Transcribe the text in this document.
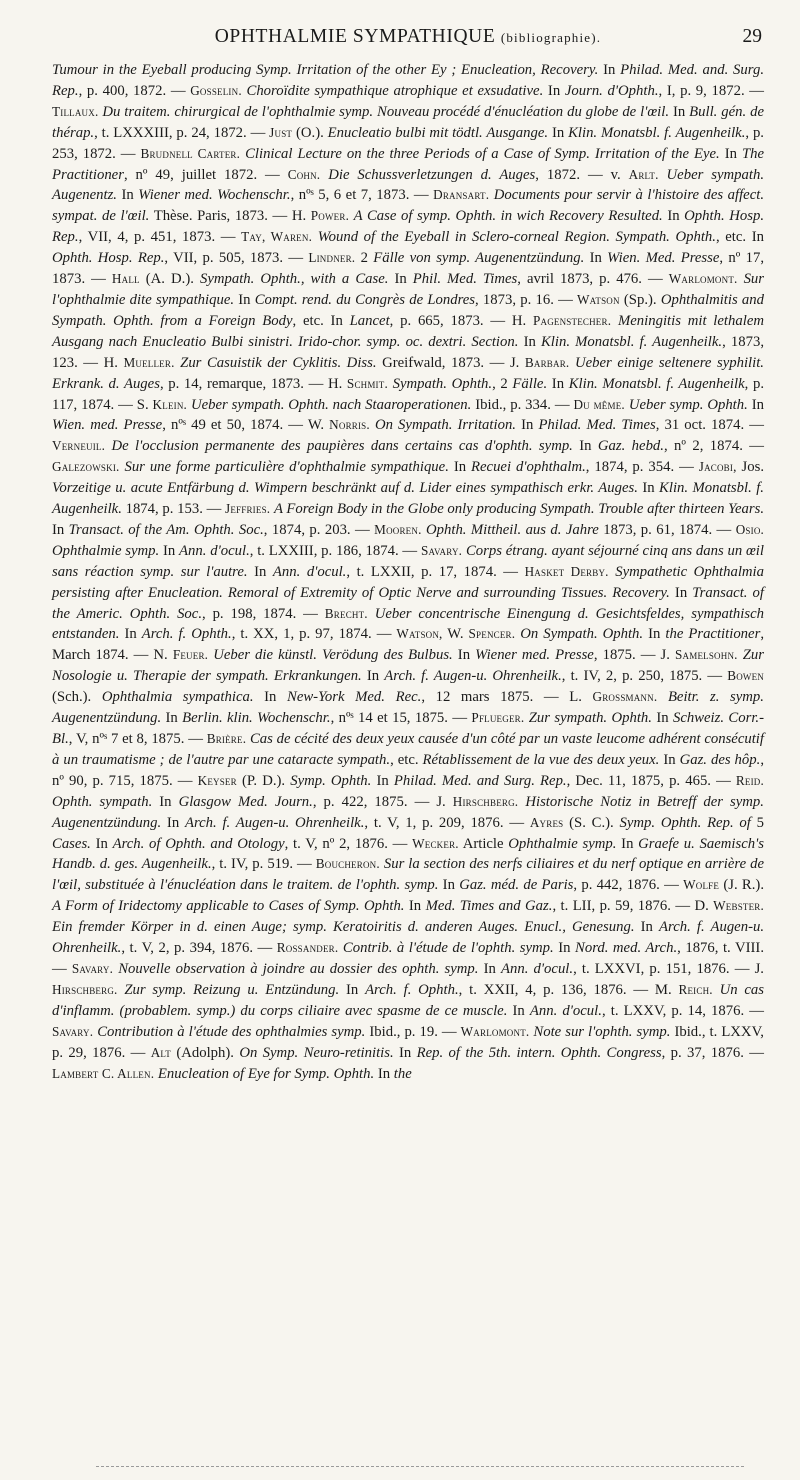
OPHTHALMIE SYMPATHIQUE (bibliographie).	29

Tumour in the Eyeball producing Symp. Irritation of the other Ey ; Enucleation, Recovery. In Philad. Med. and. Surg. Rep., p. 400, 1872. — Gosselin. Choroïdite sympathique atrophique et exsudative. In Journ. d'Ophth., I, p. 9, 1872. — Tillaux. Du traitem. chirurgical de l'ophthalmie symp. Nouveau procédé d'énucléation du globe de l'œil. In Bull. gén. de thérap., t. LXXXIII, p. 24, 1872. — Just (O.). Enucleatio bulbi mit tödtl. Ausgange. In Klin. Monatsbl. f. Augenheilk., p. 253, 1872. — Brudnell Carter. Clinical Lecture on the three Periods of a Case of Symp. Irritation of the Eye. In The Practitioner, nº 49, juillet 1872. — Cohn. Die Schussverletzungen d. Auges, 1872. — v. Arlt. Ueber sympath. Augenentz. In Wiener med. Wochenschr., nºˢ 5, 6 et 7, 1873. — Dransart. Documents pour servir à l'histoire des affect. sympat. de l'œil. Thèse. Paris, 1873. — H. Power. A Case of symp. Ophth. in wich Recovery Resulted. In Ophth. Hosp. Rep., VII, 4, p. 451, 1873. — Tay, Waren. Wound of the Eyeball in Sclero-corneal Region. Sympath. Ophth., etc. In Ophth. Hosp. Rep., VII, p. 505, 1873. — Lindner. 2 Fälle von symp. Augenentzündung. In Wien. Med. Presse, nº 17, 1873. — Hall (A. D.). Sympath. Ophth., with a Case. In Phil. Med. Times, avril 1873, p. 476. — Warlomont. Sur l'ophthalmie dite sympathique. In Compt. rend. du Congrès de Londres, 1873, p. 16. — Watson (Sp.). Ophthalmitis and Sympath. Ophth. from a Foreign Body, etc. In Lancet, p. 665, 1873. — H. Pagenstecher. Meningitis mit lethalem Ausgang nach Enucleatio Bulbi sinistri. Irido-chor. symp. oc. dextri. Section. In Klin. Monatsbl. f. Augenheilk., 1873, 123. — H. Mueller. Zur Casuistik der Cyklitis. Diss. Greifwald, 1873. — J. Barbar. Ueber einige seltenere syphilit. Erkrank. d. Auges, p. 14, remarque, 1873. — H. Schmit. Sympath. Ophth., 2 Fälle. In Klin. Monatsbl. f. Augenheilk, p. 117, 1874. — S. Klein. Ueber sympath. Ophth. nach Staaroperationen. Ibid., p. 334. — Du même. Ueber symp. Ophth. In Wien. med. Presse, nºˢ 49 et 50, 1874. — W. Norris. On Sympath. Irritation. In Philad. Med. Times, 31 oct. 1874. — Verneuil. De l'occlusion permanente des paupières dans certains cas d'ophth. symp. In Gaz. hebd., nº 2, 1874. — Galezowski. Sur une forme particulière d'ophthalmie sympathique. In Recuei d'ophthalm., 1874, p. 354. — Jacobi, Jos. Vorzeitige u. acute Entfärbung d. Wimpern beschränkt auf d. Lider eines sympathisch erkr. Auges. In Klin. Monatsbl. f. Augenheilk. 1874, p. 153. — Jeffries. A Foreign Body in the Globe only producing Sympath. Trouble after thirteen Years. In Transact. of the Am. Ophth. Soc., 1874, p. 203. — Mooren. Ophth. Mittheil. aus d. Jahre 1873, p. 61, 1874. — Osio. Ophthalmie symp. In Ann. d'ocul., t. LXXIII, p. 186, 1874. — Savary. Corps étrang. ayant séjourné cinq ans dans un œil sans réaction symp. sur l'autre. In Ann. d'ocul., t. LXXII, p. 17, 1874. — Hasket Derby. Sympathetic Ophthalmia persisting after Enucleation. Remoral of Extremity of Optic Nerve and surrounding Tissues. Recovery. In Transact. of the Americ. Ophth. Soc., p. 198, 1874. — Brecht. Ueber concentrische Einengung d. Gesichtsfeldes, sympathisch entstanden. In Arch. f. Ophth., t. XX, 1, p. 97, 1874. — Watson, W. Spencer. On Sympath. Ophth. In the Practitioner, March 1874. — N. Feuer. Ueber die künstl. Verödung des Bulbus. In Wiener med. Presse, 1875. — J. Samelsohn. Zur Nosologie u. Therapie der sympath. Erkrankungen. In Arch. f. Augen-u. Ohrenheilk., t. IV, 2, p. 250, 1875. — Bowen (Sch.). Ophthalmia sympathica. In New-York Med. Rec., 12 mars 1875. — L. Grossmann. Beitr. z. symp. Augenentzündung. In Berlin. klin. Wochenschr., nºˢ 14 et 15, 1875. — Pflueger. Zur sympath. Ophth. In Schweiz. Corr.-Bl., V, nºˢ 7 et 8, 1875. — Brière. Cas de cécité des deux yeux causée d'un côté par un vaste leucome adhérent consécutif à un traumatisme ; de l'autre par une cataracte sympath., etc. Rétablissement de la vue des deux yeux. In Gaz. des hôp., nº 90, p. 715, 1875. — Keyser (P. D.). Symp. Ophth. In Philad. Med. and Surg. Rep., Dec. 11, 1875, p. 465. — Reid. Ophth. sympath. In Glasgow Med. Journ., p. 422, 1875. — J. Hirschberg. Historische Notiz in Betreff der symp. Augenentzündung. In Arch. f. Augen-u. Ohrenheilk., t. V, 1, p. 209, 1876. — Ayres (S. C.). Symp. Ophth. Rep. of 5 Cases. In Arch. of Ophth. and Otology, t. V, nº 2, 1876. — Wecker. Article Ophthalmie symp. In Graefe u. Saemisch's Handb. d. ges. Augenheilk., t. IV, p. 519. — Boucheron. Sur la section des nerfs ciliaires et du nerf optique en arrière de l'œil, substituée à l'énucléation dans le traitem. de l'ophth. symp. In Gaz. méd. de Paris, p. 442, 1876. — Wolfe (J. R.). A Form of Iridectomy applicable to Cases of Symp. Ophth. In Med. Times and Gaz., t. LII, p. 59, 1876. — D. Webster. Ein fremder Körper in d. einen Auge; symp. Keratoiritis d. anderen Auges. Enucl., Genesung. In Arch. f. Augen-u. Ohrenheilk., t. V, 2, p. 394, 1876. — Rossander. Contrib. à l'étude de l'ophth. symp. In Nord. med. Arch., 1876, t. VIII. — Savary. Nouvelle observation à joindre au dossier des ophth. symp. In Ann. d'ocul., t. LXXVI, p. 151, 1876. — J. Hirschberg. Zur symp. Reizung u. Entzündung. In Arch. f. Ophth., t. XXII, 4, p. 136, 1876. — M. Reich. Un cas d'inflamm. (probablem. symp.) du corps ciliaire avec spasme de ce muscle. In Ann. d'ocul., t. LXXV, p. 14, 1876. — Savary. Contribution à l'étude des ophthalmies symp. Ibid., p. 19. — Warlomont. Note sur l'ophth. symp. Ibid., t. LXXV, p. 29, 1876. — Alt (Adolph). On Symp. Neuro-retinitis. In Rep. of the 5th. intern. Ophth. Congress, p. 37, 1876. — Lambert C. Allen. Enucleation of Eye for Symp. Ophth. In the
